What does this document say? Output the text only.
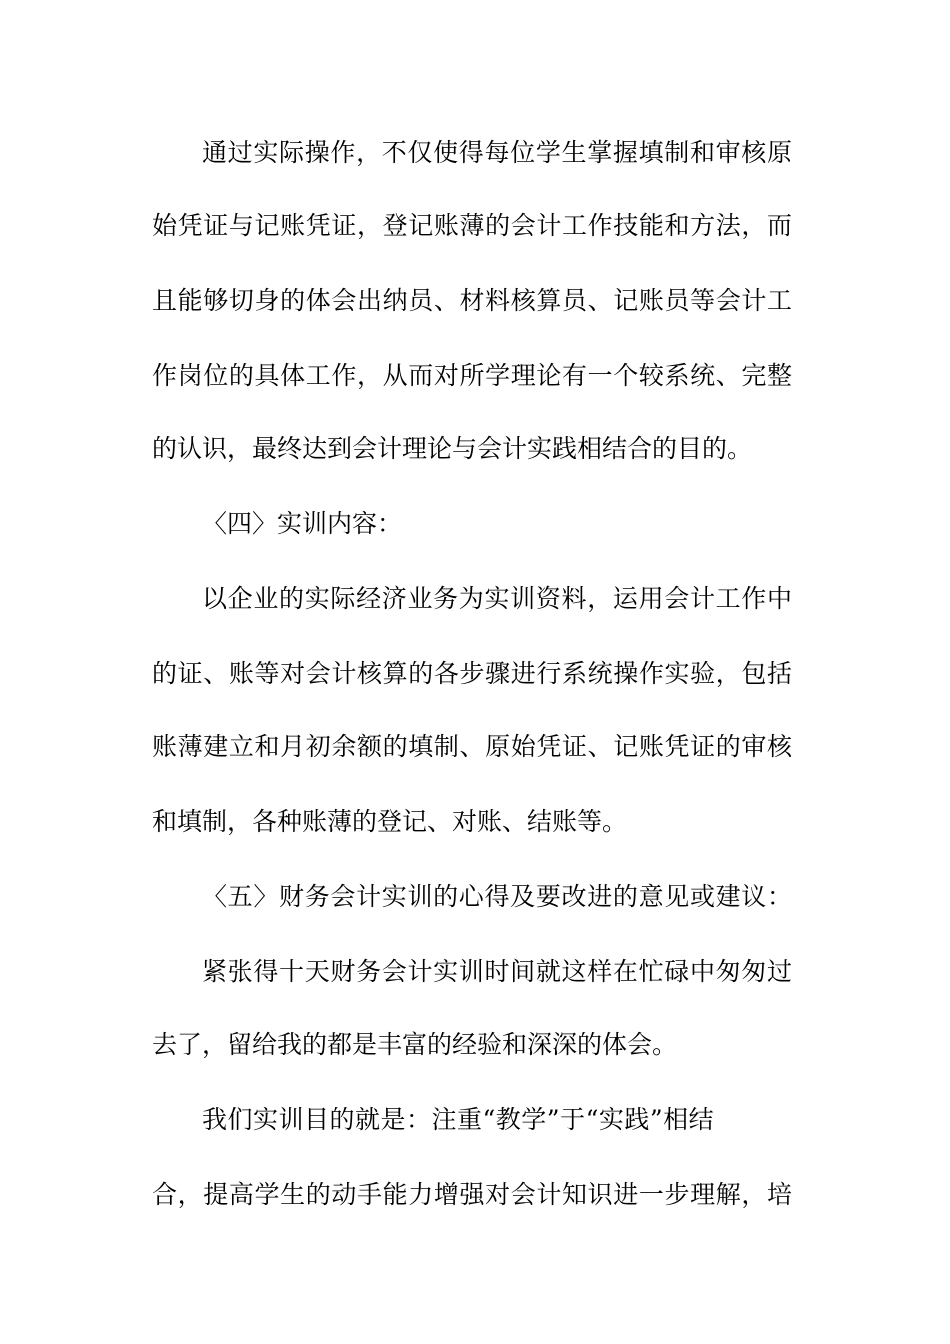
通过实际操作，不仅使得每位学生掌握填制和审核原
始凭证与记账凭证，登记账薄的会计工作技能和方法，而
且能够切身的体会出纳员、材料核算员、记账员等会计工
作岗位的具体工作，从而对所学理论有一个较系统、完整
的认识，最终达到会计理论与会计实践相结合的目的。
〈四〉实训内容：
以企业的实际经济业务为实训资料，运用会计工作中
的证、账等对会计核算的各步骤进行系统操作实验，包括
账薄建立和月初余额的填制、原始凭证、记账凭证的审核
和填制，各种账薄的登记、对账、结账等。
〈五〉财务会计实训的心得及要改进的意见或建议：
紧张得十天财务会计实训时间就这样在忙碌中匆匆过
去了，留给我的都是丰富的经验和深深的体会。
我们实训目的就是：注重“教学”于“实践”相结
合，提高学生的动手能力增强对会计知识进一步理解，培
